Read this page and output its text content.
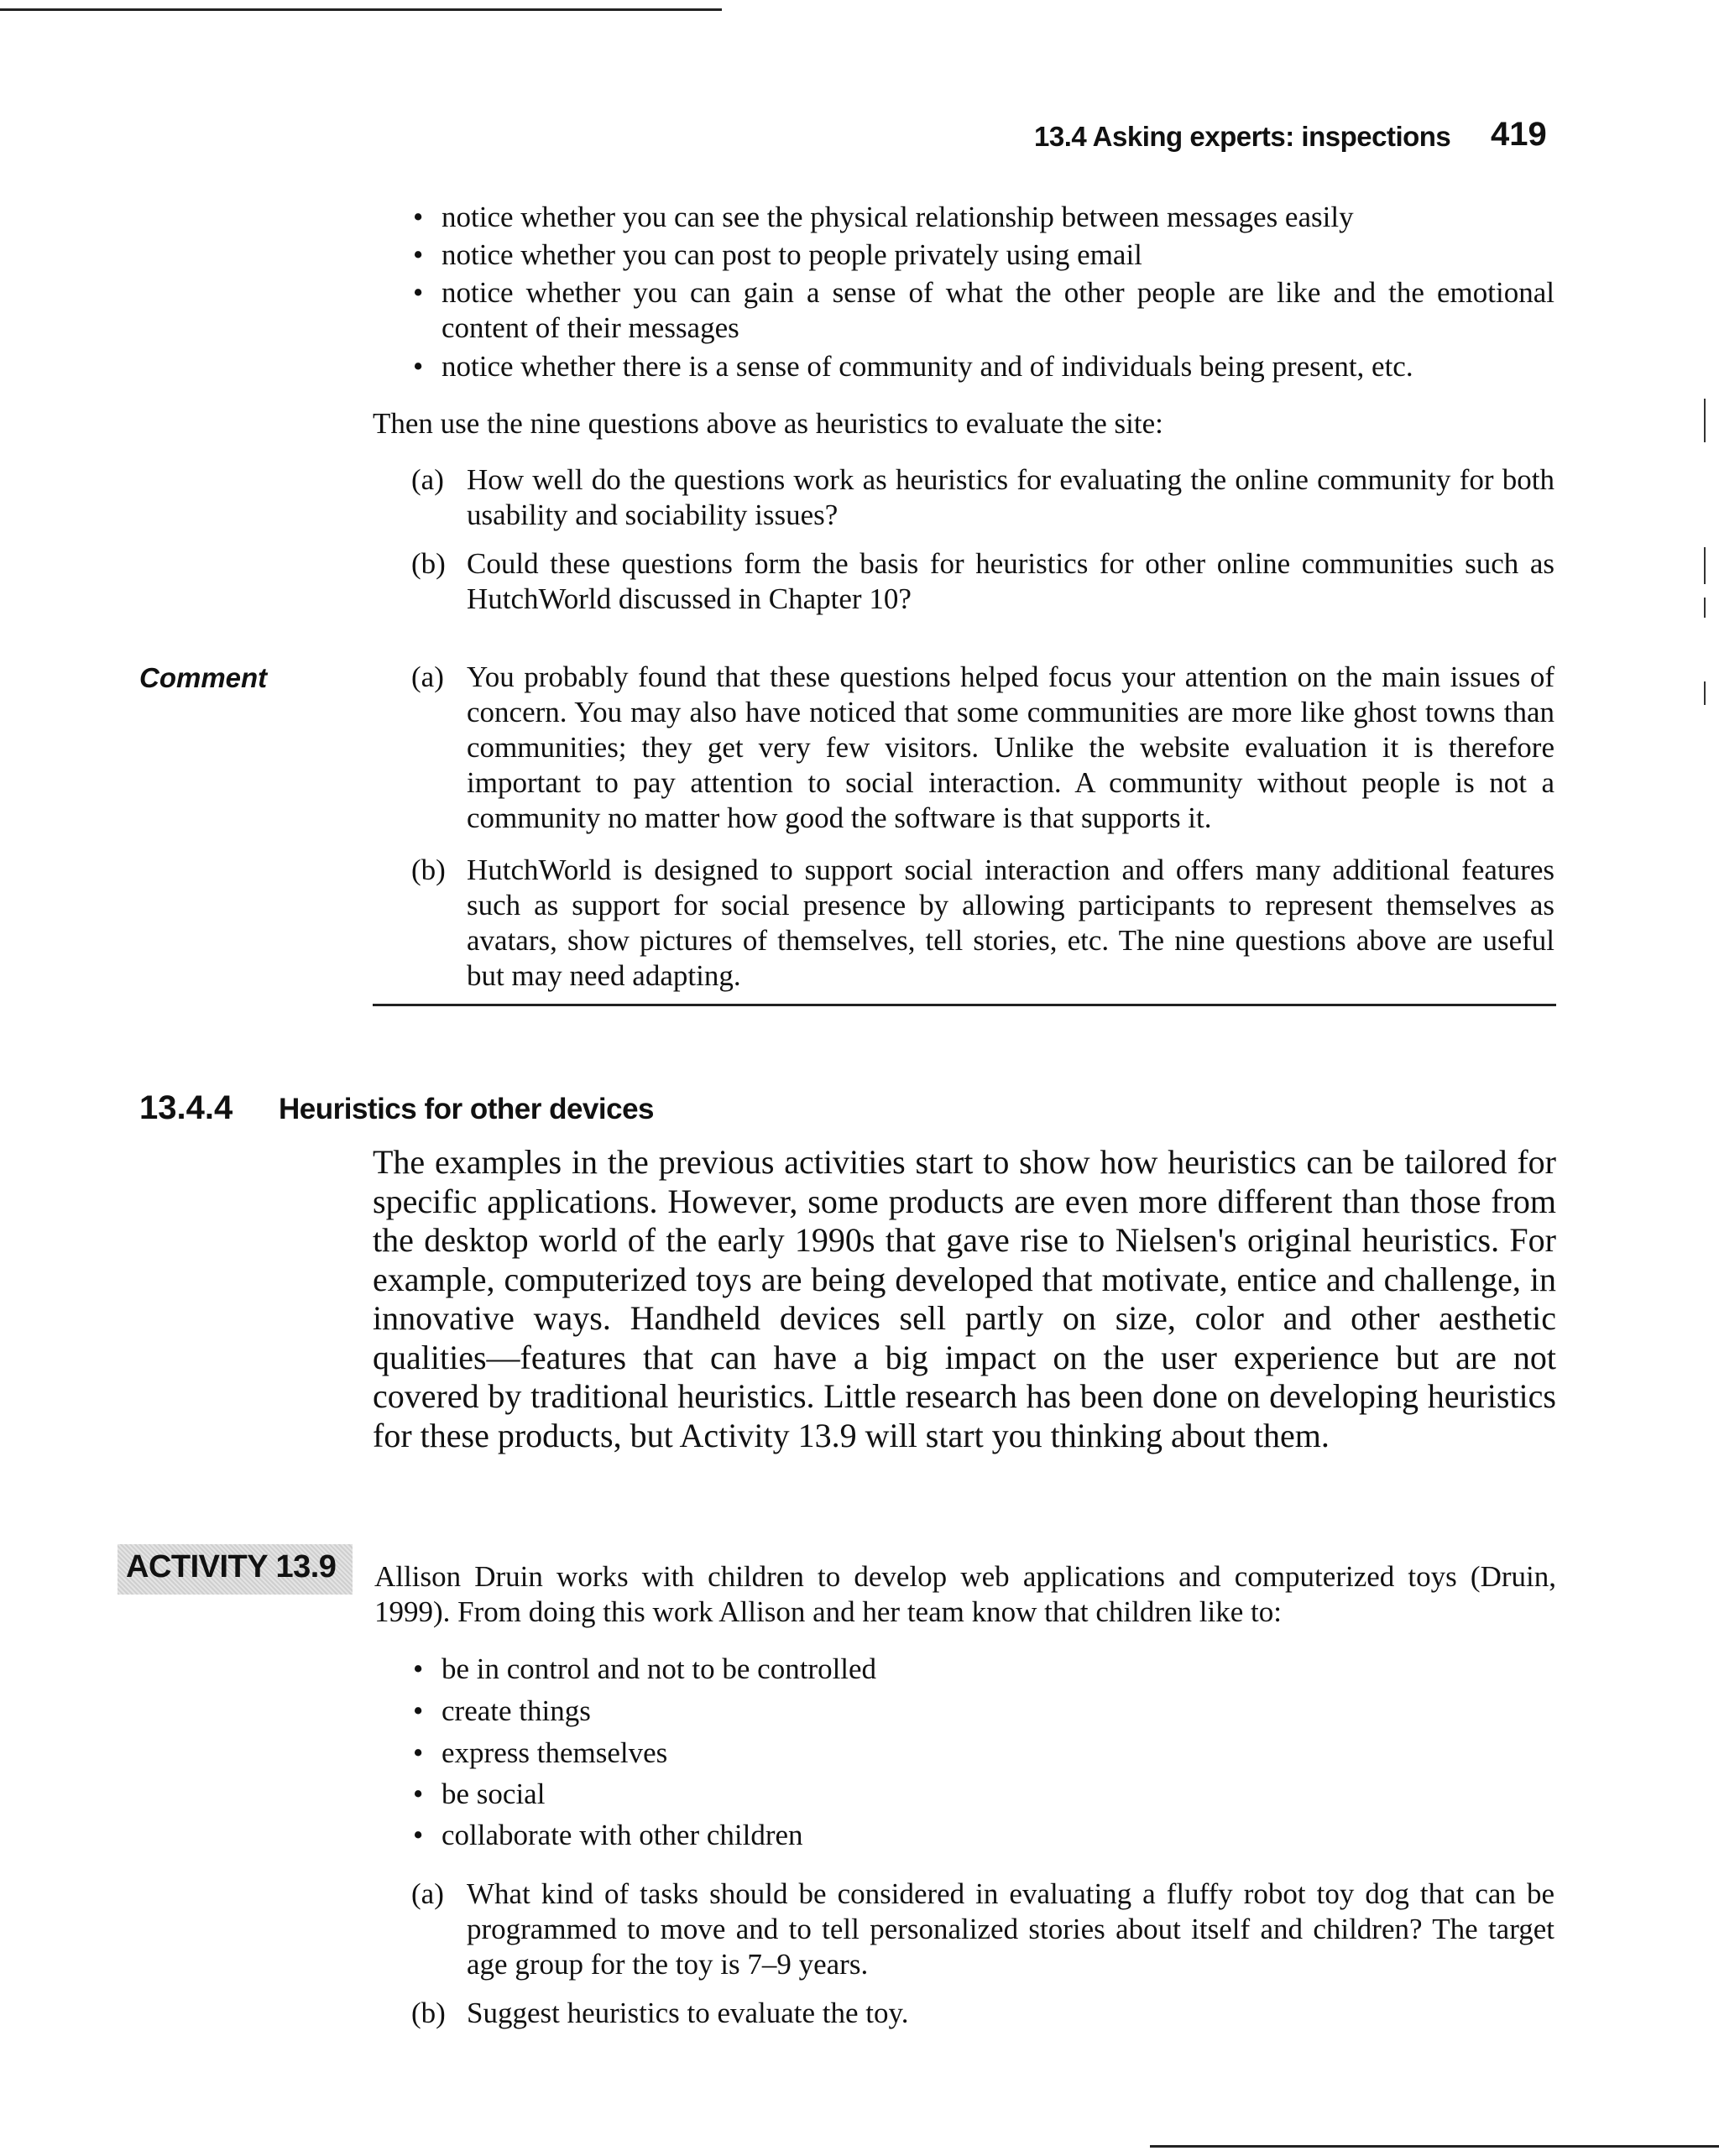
13.4 Asking experts: inspections 419
• notice whether you can see the physical relationship between messages easily
• notice whether you can post to people privately using email
• notice whether you can gain a sense of what the other people are like and the emotional content of their messages
• notice whether there is a sense of community and of individuals being present, etc.
Then use the nine questions above as heuristics to evaluate the site:
(a) How well do the questions work as heuristics for evaluating the online community for both usability and sociability issues?
(b) Could these questions form the basis for heuristics for other online communities such as HutchWorld discussed in Chapter 10?
Comment	(a) You probably found that these questions helped focus your attention on the main issues of concern. You may also have noticed that some communities are more like ghost towns than communities; they get very few visitors. Unlike the website evaluation it is therefore important to pay attention to social interaction. A community without people is not a community no matter how good the software is that supports it.
(b) HutchWorld is designed to support social interaction and offers many additional features such as support for social presence by allowing participants to represent themselves as avatars, show pictures of themselves, tell stories, etc. The nine questions above are useful but may need adapting.
13.4.4 Heuristics for other devices
The examples in the previous activities start to show how heuristics can be tailored for specific applications. However, some products are even more different than those from the desktop world of the early 1990s that gave rise to Nielsen's original heuristics. For example, computerized toys are being developed that motivate, entice and challenge, in innovative ways. Handheld devices sell partly on size, color and other aesthetic qualities—features that can have a big impact on the user experience but are not covered by traditional heuristics. Little research has been done on developing heuristics for these products, but Activity 13.9 will start you thinking about them.
ACTIVITY 13.9 Allison Druin works with children to develop web applications and computerized toys (Druin, 1999). From doing this work Allison and her team know that children like to:
• be in control and not to be controlled
• create things
• express themselves
• be social
• collaborate with other children
(a) What kind of tasks should be considered in evaluating a fluffy robot toy dog that can be programmed to move and to tell personalized stories about itself and children? The target age group for the toy is 7–9 years.
(b) Suggest heuristics to evaluate the toy.
